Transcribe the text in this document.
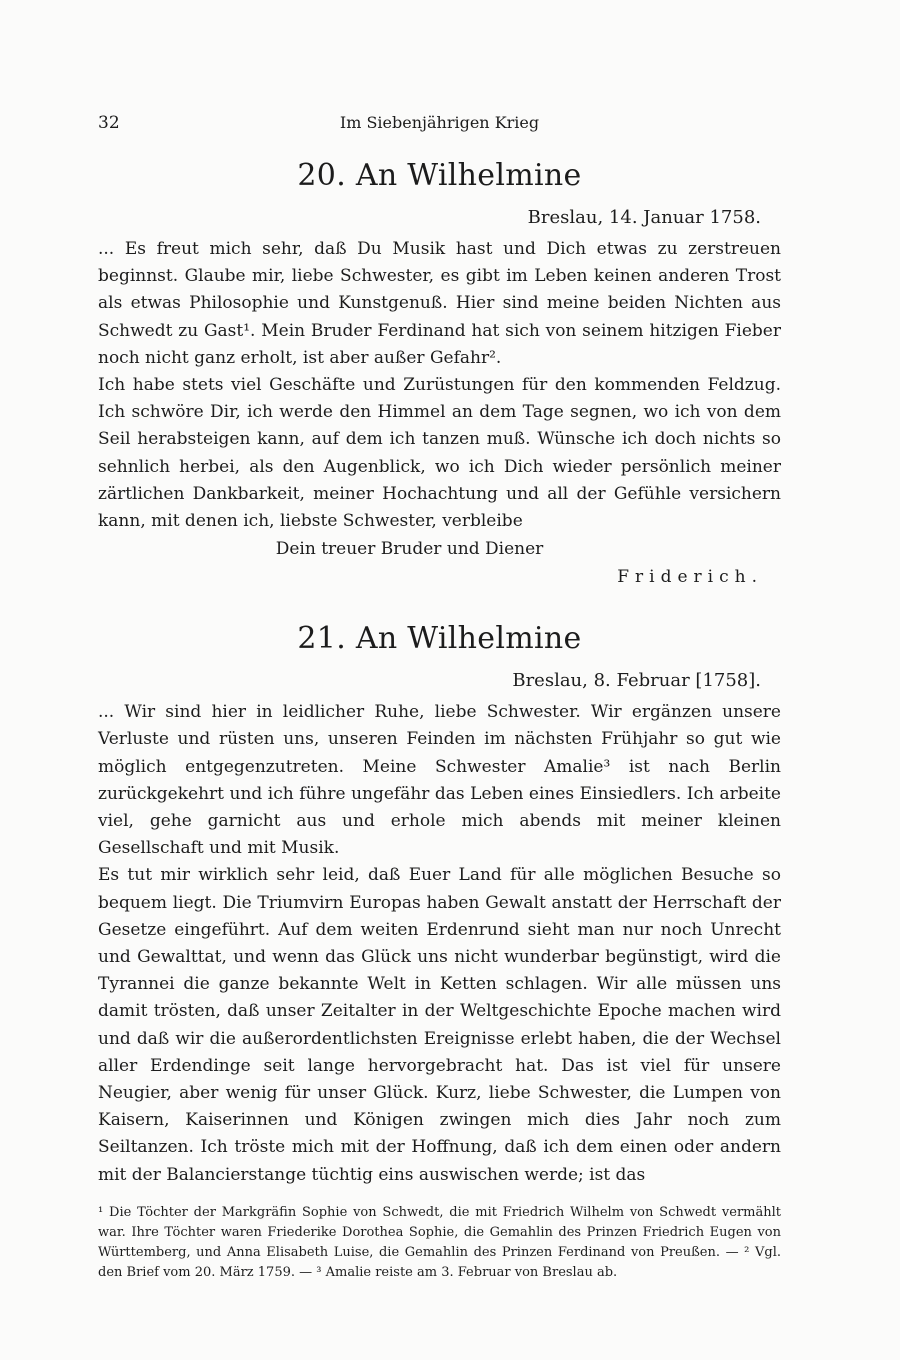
32	Im Siebenjährigen Krieg
20. An Wilhelmine
Breslau, 14. Januar 1758.

... Es freut mich sehr, daß Du Musik hast und Dich etwas zu zerstreuen beginnst. Glaube mir, liebe Schwester, es gibt im Leben keinen anderen Trost als etwas Philosophie und Kunstgenuß. Hier sind meine beiden Nichten aus Schwedt zu Gast¹. Mein Bruder Ferdinand hat sich von seinem hitzigen Fieber noch nicht ganz erholt, ist aber außer Gefahr².

Ich habe stets viel Geschäfte und Zurüstungen für den kommenden Feldzug. Ich schwöre Dir, ich werde den Himmel an dem Tage segnen, wo ich von dem Seil herabsteigen kann, auf dem ich tanzen muß. Wünsche ich doch nichts so sehnlich herbei, als den Augenblick, wo ich Dich wieder persönlich meiner zärtlichen Dankbarkeit, meiner Hochachtung und all der Gefühle versichern kann, mit denen ich, liebste Schwester, verbleibe

Dein treuer Bruder und Diener
Friderich.
21. An Wilhelmine
Breslau, 8. Februar [1758].

... Wir sind hier in leidlicher Ruhe, liebe Schwester. Wir ergänzen unsere Verluste und rüsten uns, unseren Feinden im nächsten Frühjahr so gut wie möglich entgegenzutreten. Meine Schwester Amalie³ ist nach Berlin zurückgekehrt und ich führe ungefähr das Leben eines Einsiedlers. Ich arbeite viel, gehe garnicht aus und erhole mich abends mit meiner kleinen Gesellschaft und mit Musik.

Es tut mir wirklich sehr leid, daß Euer Land für alle möglichen Besuche so bequem liegt. Die Triumvirn Europas haben Gewalt anstatt der Herrschaft der Gesetze eingeführt. Auf dem weiten Erdenrund sieht man nur noch Unrecht und Gewalttat, und wenn das Glück uns nicht wunderbar begünstigt, wird die Tyrannei die ganze bekannte Welt in Ketten schlagen. Wir alle müssen uns damit trösten, daß unser Zeitalter in der Weltgeschichte Epoche machen wird und daß wir die außerordentlichsten Ereignisse erlebt haben, die der Wechsel aller Erdendinge seit lange hervorgebracht hat. Das ist viel für unsere Neugier, aber wenig für unser Glück. Kurz, liebe Schwester, die Lumpen von Kaisern, Kaiserinnen und Königen zwingen mich dies Jahr noch zum Seiltanzen. Ich tröste mich mit der Hoffnung, daß ich dem einen oder andern mit der Balancierstange tüchtig eins auswischen werde; ist das

¹ Die Töchter der Markgräfin Sophie von Schwedt, die mit Friedrich Wilhelm von Schwedt vermählt war. Ihre Töchter waren Friederike Dorothea Sophie, die Gemahlin des Prinzen Friedrich Eugen von Württemberg, und Anna Elisabeth Luise, die Gemahlin des Prinzen Ferdinand von Preußen. — ² Vgl. den Brief vom 20. März 1759. — ³ Amalie reiste am 3. Februar von Breslau ab.
